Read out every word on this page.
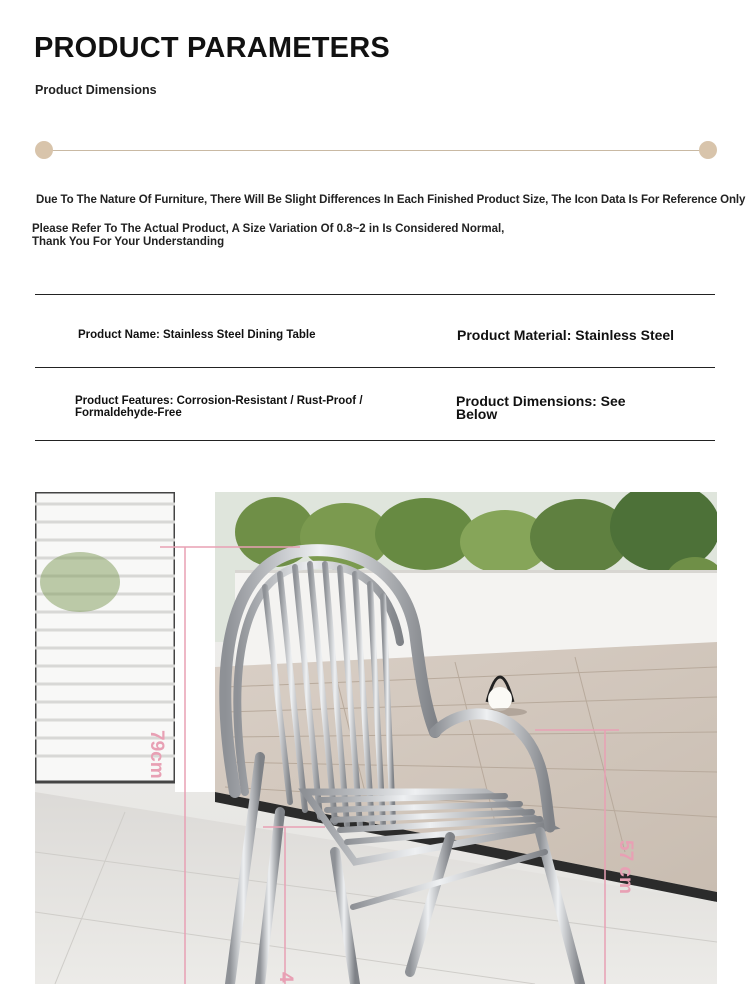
PRODUCT PARAMETERS
Product Dimensions
Due To The Nature Of Furniture, There Will Be Slight Differences In Each Finished Product Size, The Icon Data Is For Reference Only
Please Refer To The Actual Product, A Size Variation Of 0.8~2 in Is Considered Normal,
Thank You For Your Understanding
Product Name: Stainless Steel Dining Table	Product Material: Stainless Steel
Product Features: Corrosion-Resistant / Rust-Proof /
Formaldehyde-Free
Product Dimensions: See
Below
79cm
57 cm
4
